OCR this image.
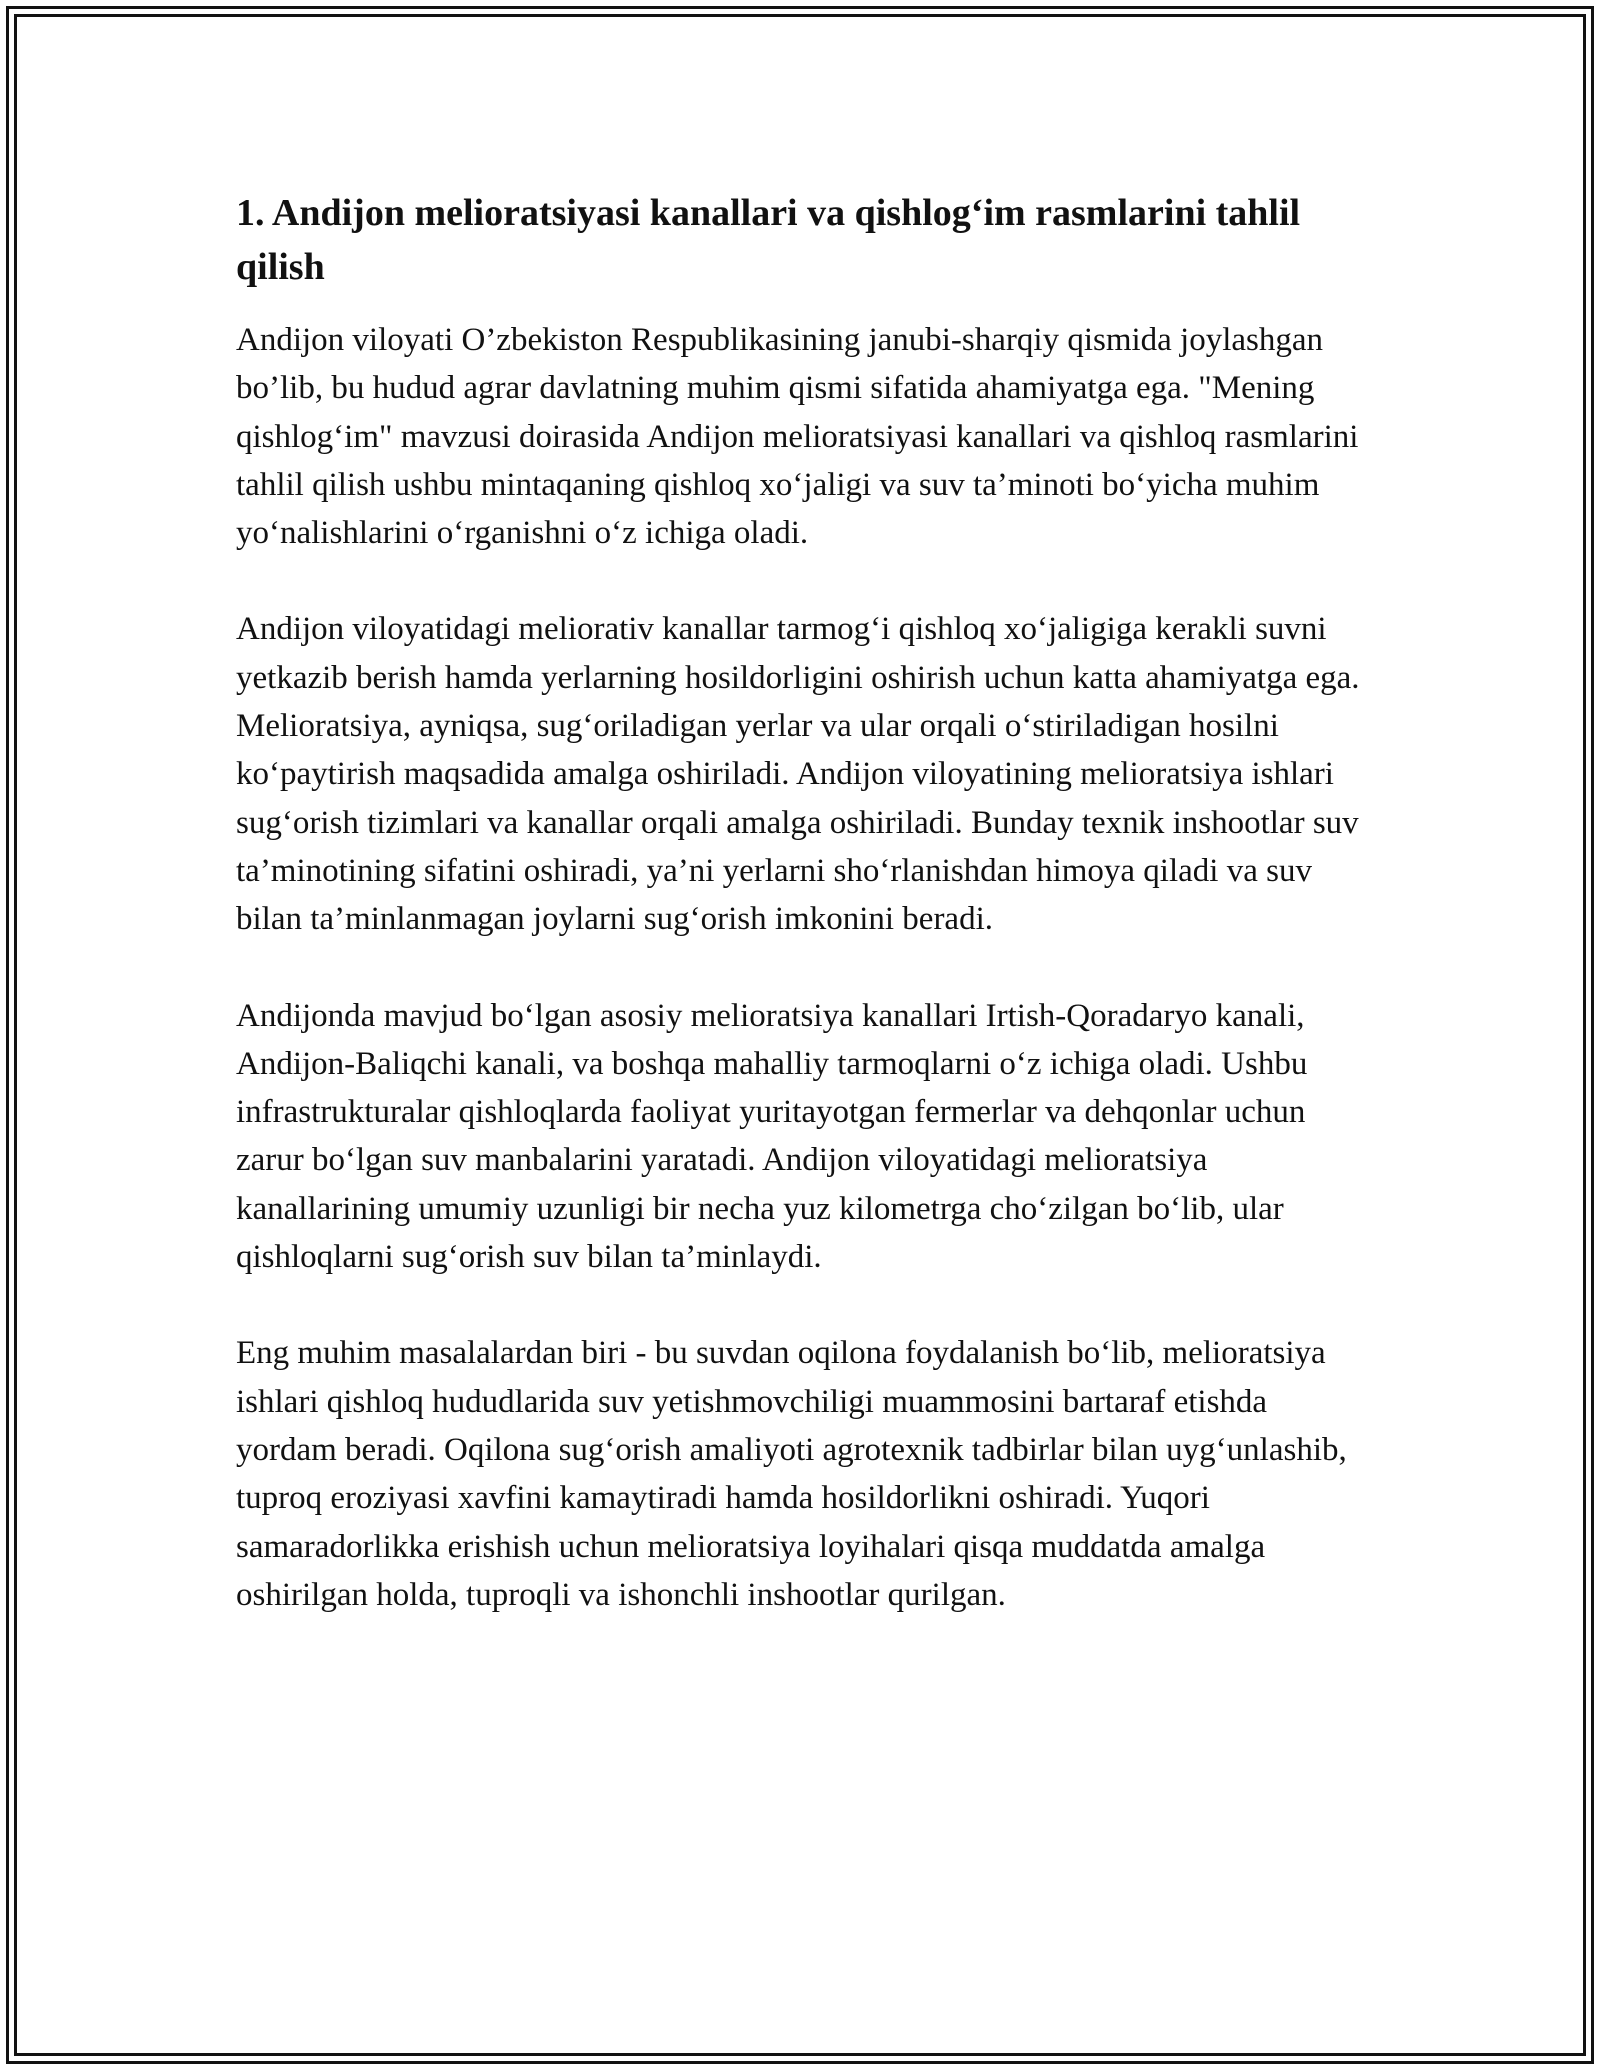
1. Andijon melioratsiyasi kanallari va qishlog‘im rasmlarini tahlil qilish

Andijon viloyati O’zbekiston Respublikasining janubi-sharqiy qismida joylashgan bo’lib, bu hudud agrar davlatning muhim qismi sifatida ahamiyatga ega. "Mening qishlog‘im" mavzusi doirasida Andijon melioratsiyasi kanallari va qishloq rasmlarini tahlil qilish ushbu mintaqaning qishloq xo‘jaligi va suv ta’minoti bo‘yicha muhim yo‘nalishlarini o‘rganishni o‘z ichiga oladi.

Andijon viloyatidagi meliorativ kanallar tarmog‘i qishloq xo‘jaligiga kerakli suvni yetkazib berish hamda yerlarning hosildorligini oshirish uchun katta ahamiyatga ega. Melioratsiya, ayniqsa, sug‘oriladigan yerlar va ular orqali o‘stiriladigan hosilni ko‘paytirish maqsadida amalga oshiriladi. Andijon viloyatining melioratsiya ishlari sug‘orish tizimlari va kanallar orqali amalga oshiriladi. Bunday texnik inshootlar suv ta’minotining sifatini oshiradi, ya’ni yerlarni sho‘rlanishdan himoya qiladi va suv bilan ta’minlanmagan joylarni sug‘orish imkonini beradi.

Andijonda mavjud bo‘lgan asosiy melioratsiya kanallari Irtish-Qoradaryo kanali, Andijon-Baliqchi kanali, va boshqa mahalliy tarmoqlarni o‘z ichiga oladi. Ushbu infrastrukturalar qishloqlarda faoliyat yuritayotgan fermerlar va dehqonlar uchun zarur bo‘lgan suv manbalarini yaratadi. Andijon viloyatidagi melioratsiya kanallarining umumiy uzunligi bir necha yuz kilometrga cho‘zilgan bo‘lib, ular qishloqlarni sug‘orish suv bilan ta’minlaydi.

Eng muhim masalalardan biri - bu suvdan oqilona foydalanish bo‘lib, melioratsiya ishlari qishloq hududlarida suv yetishmovchiligi muammosini bartaraf etishda yordam beradi. Oqilona sug‘orish amaliyoti agrotexnik tadbirlar bilan uyg‘unlashib, tuproq eroziyasi xavfini kamaytiradi hamda hosildorlikni oshiradi. Yuqori samaradorlikka erishish uchun melioratsiya loyihalari qisqa muddatda amalga oshirilgan holda, tuproqli va ishonchli inshootlar qurilgan.
